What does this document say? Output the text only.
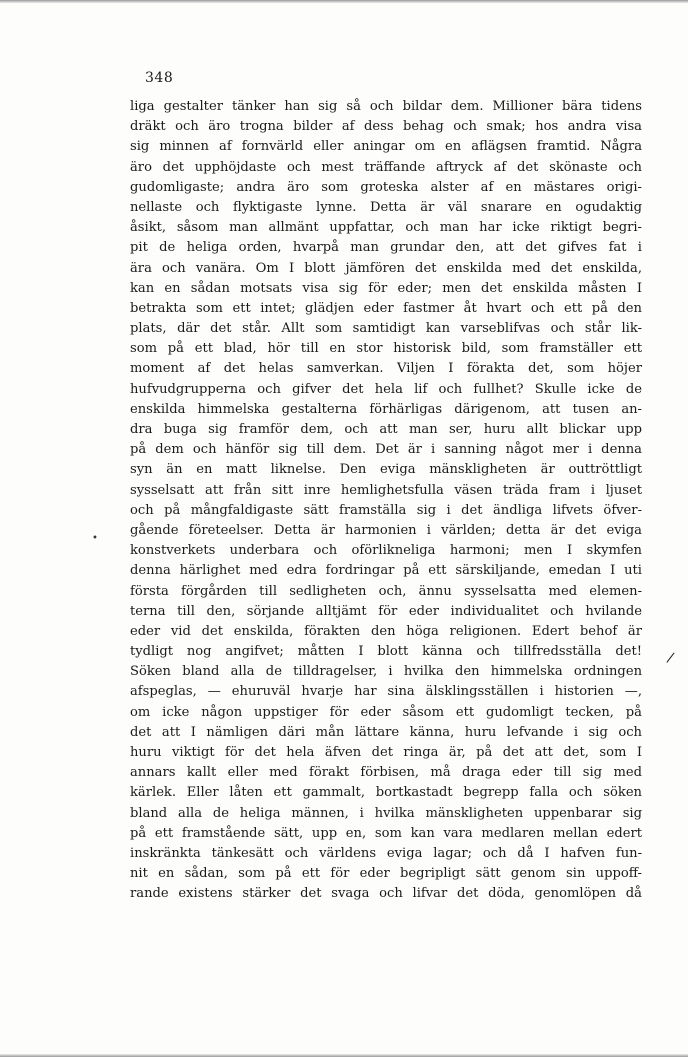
348
liga gestalter tänker han sig så och bildar dem. Millioner bära tidens
dräkt och äro trogna bilder af dess behag och smak; hos andra visa
sig minnen af fornvärld eller aningar om en aflägsen framtid. Några
äro det upphöjdaste och mest träffande aftryck af det skönaste och
gudomligaste; andra äro som groteska alster af en mästares origi-
nellaste och flyktigaste lynne. Detta är väl snarare en ogudaktig
åsikt, såsom man allmänt uppfattar, och man har icke riktigt begri-
pit de heliga orden, hvarpå man grundar den, att det gifves fat i
ära och vanära. Om I blott jämfören det enskilda med det enskilda,
kan en sådan motsats visa sig för eder; men det enskilda måsten I
betrakta som ett intet; glädjen eder fastmer åt hvart och ett på den
plats, där det står. Allt som samtidigt kan varseblifvas och står lik-
som på ett blad, hör till en stor historisk bild, som framställer ett
moment af det helas samverkan. Viljen I förakta det, som höjer
hufvudgrupperna och gifver det hela lif och fullhet? Skulle icke de
enskilda himmelska gestalterna förhärligas därigenom, att tusen an-
dra buga sig framför dem, och att man ser, huru allt blickar upp
på dem och hänför sig till dem. Det är i sanning något mer i denna
syn än en matt liknelse. Den eviga mänskligheten är outtröttligt
sysselsatt att från sitt inre hemlighetsfulla väsen träda fram i ljuset
och på mångfaldigaste sätt framställa sig i det ändliga lifvets öfver-
gående företeelser. Detta är harmonien i världen; detta är det eviga
konstverkets underbara och oförlikneliga harmoni; men I skymfen
denna härlighet med edra fordringar på ett särskiljande, emedan I uti
första förgården till sedligheten och, ännu sysselsatta med elemen-
terna till den, sörjande alltjämt för eder individualitet och hvilande
eder vid det enskilda, förakten den höga religionen. Edert behof är
tydligt nog angifvet; måtten I blott känna och tillfredsställa det!
Söken bland alla de tilldragelser, i hvilka den himmelska ordningen
afspeglas, — ehuruväl hvarje har sina älsklingsställen i historien —,
om icke någon uppstiger för eder såsom ett gudomligt tecken, på
det att I nämligen däri mån lättare känna, huru lefvande i sig och
huru viktigt för det hela äfven det ringa är, på det att det, som I
annars kallt eller med förakt förbisen, må draga eder till sig med
kärlek. Eller låten ett gammalt, bortkastadt begrepp falla och söken
bland alla de heliga männen, i hvilka mänskligheten uppenbarar sig
på ett framstående sätt, upp en, som kan vara medlaren mellan edert
inskränkta tänkesätt och världens eviga lagar; och då I hafven fun-
nit en sådan, som på ett för eder begripligt sätt genom sin uppoff-
rande existens stärker det svaga och lifvar det döda, genomlöpen då
•
/
